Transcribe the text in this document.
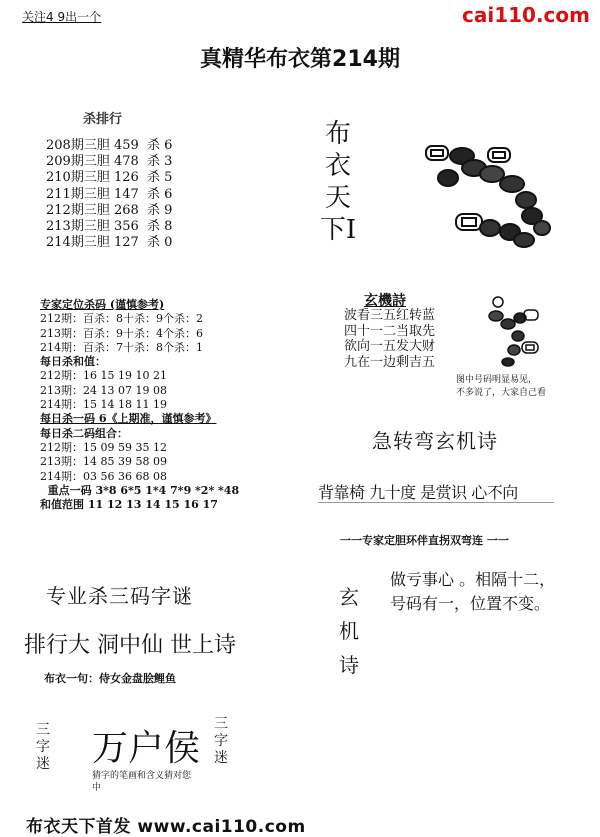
关注4 9出一个	cai110.com
真精华布衣第214期
　杀排行
208期三胆 459  杀 6
209期三胆 478  杀 3
210期三胆 126  杀 5
211期三胆 147  杀 6
212期三胆 268  杀 9
213期三胆 356  杀 8
214期三胆 127  杀 0
专家定位杀码 (谨慎参考)
212期：百杀：8十杀：9个杀：2
213期：百杀：9十杀：4个杀：6
214期：百杀：7十杀：8个杀：1
每日杀和值：
212期：16 15 19 10 21
213期：24 13 07 19 08
214期：15 14 18 11 19
每日杀一码 6《上期准，谨慎参考》
每日杀二码组合：
212期：15 09 59 35 12
213期：14 85 39 58 09
214期：03 56 36 68 08
重点一码 3*8 6*5 1*4 7*9 *2* *48
和值范围 11 12 13 14 15 16 17
专业杀三码字谜
排行大 洞中仙 世上诗
布衣一句：侍女金盘脍鲤鱼
三字迷 万户侯
三字迷
猜字的笔画和含义猜对您中
布衣天下I
玄機詩
波看三五红转蓝
四十一二当取先
欲向一五发大财
九在一边剩吉五
图中号码明显易见，
不多说了，大家自己看
急转弯玄机诗
背靠椅 九十度 是赏识 心不向
一一专家定胆环伴直拐双弯连 一一
玄机诗
做亏事心 。相隔十二，
号码有一，位置不变。
布衣天下首发 www.cai110.com
